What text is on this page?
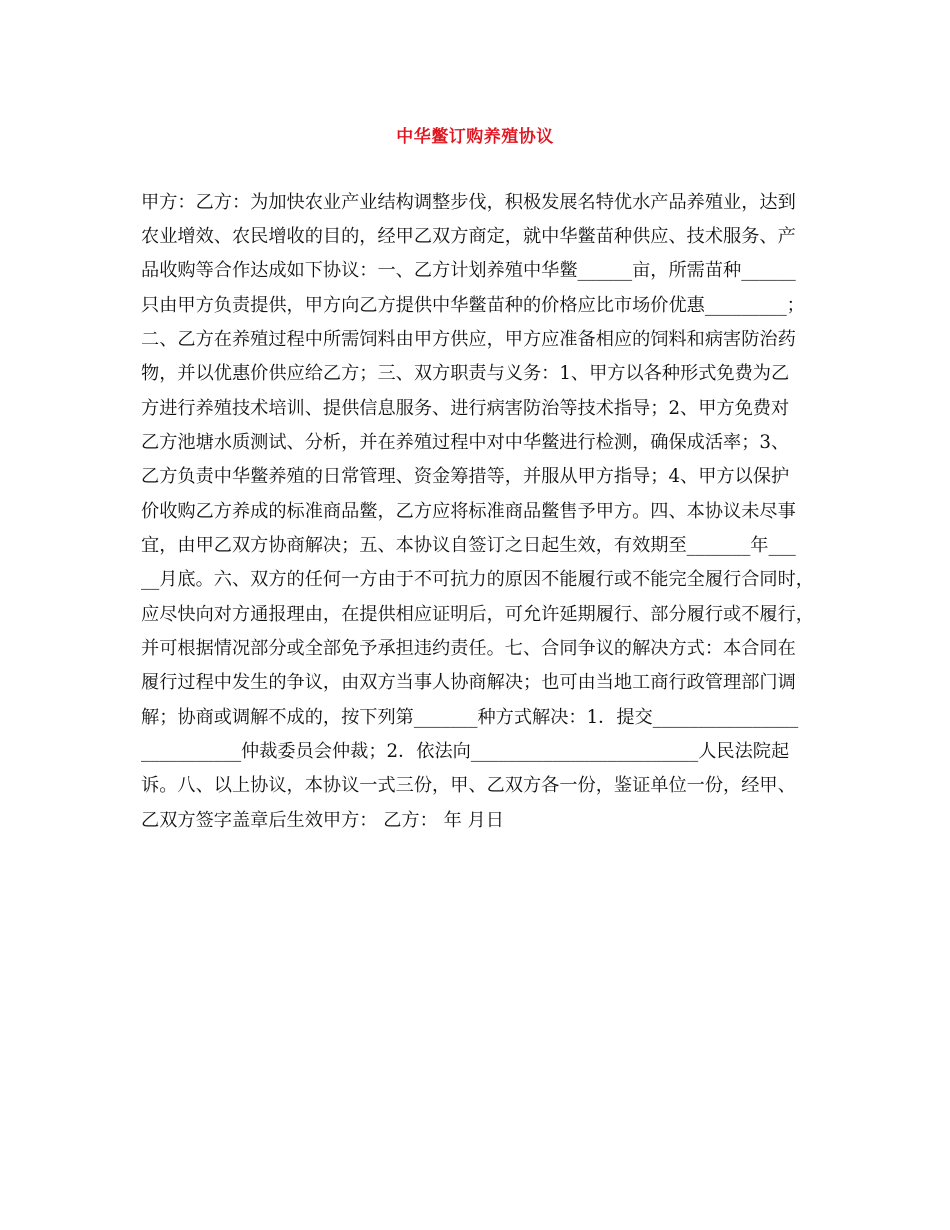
中华鳖订购养殖协议
甲方：乙方：为加快农业产业结构调整步伐，积极发展名特优水产品养殖业，达到
农业增效、农民增收的目的，经甲乙双方商定，就中华鳖苗种供应、技术服务、产
品收购等合作达成如下协议：一、乙方计划养殖中华鳖______亩，所需苗种______
只由甲方负责提供，甲方向乙方提供中华鳖苗种的价格应比市场价优惠_________；
二、乙方在养殖过程中所需饲料由甲方供应，甲方应准备相应的饲料和病害防治药
物，并以优惠价供应给乙方；三、双方职责与义务：1、甲方以各种形式免费为乙
方进行养殖技术培训、提供信息服务、进行病害防治等技术指导；2、甲方免费对
乙方池塘水质测试、分析，并在养殖过程中对中华鳖进行检测，确保成活率；3、
乙方负责中华鳖养殖的日常管理、资金筹措等，并服从甲方指导；4、甲方以保护
价收购乙方养成的标准商品鳖，乙方应将标准商品鳖售予甲方。四、本协议未尽事
宜，由甲乙双方协商解决；五、本协议自签订之日起生效，有效期至_______年___
__月底。六、双方的任何一方由于不可抗力的原因不能履行或不能完全履行合同时，
应尽快向对方通报理由，在提供相应证明后，可允许延期履行、部分履行或不履行，
并可根据情况部分或全部免予承担违约责任。七、合同争议的解决方式：本合同在
履行过程中发生的争议，由双方当事人协商解决；也可由当地工商行政管理部门调
解；协商或调解不成的，按下列第_______种方式解决：1．提交________________
___________仲裁委员会仲裁；2．依法向_________________________人民法院起
诉。八、以上协议，本协议一式三份，甲、乙双方各一份，鉴证单位一份，经甲、
乙双方签字盖章后生效甲方： 乙方： 年 月日
